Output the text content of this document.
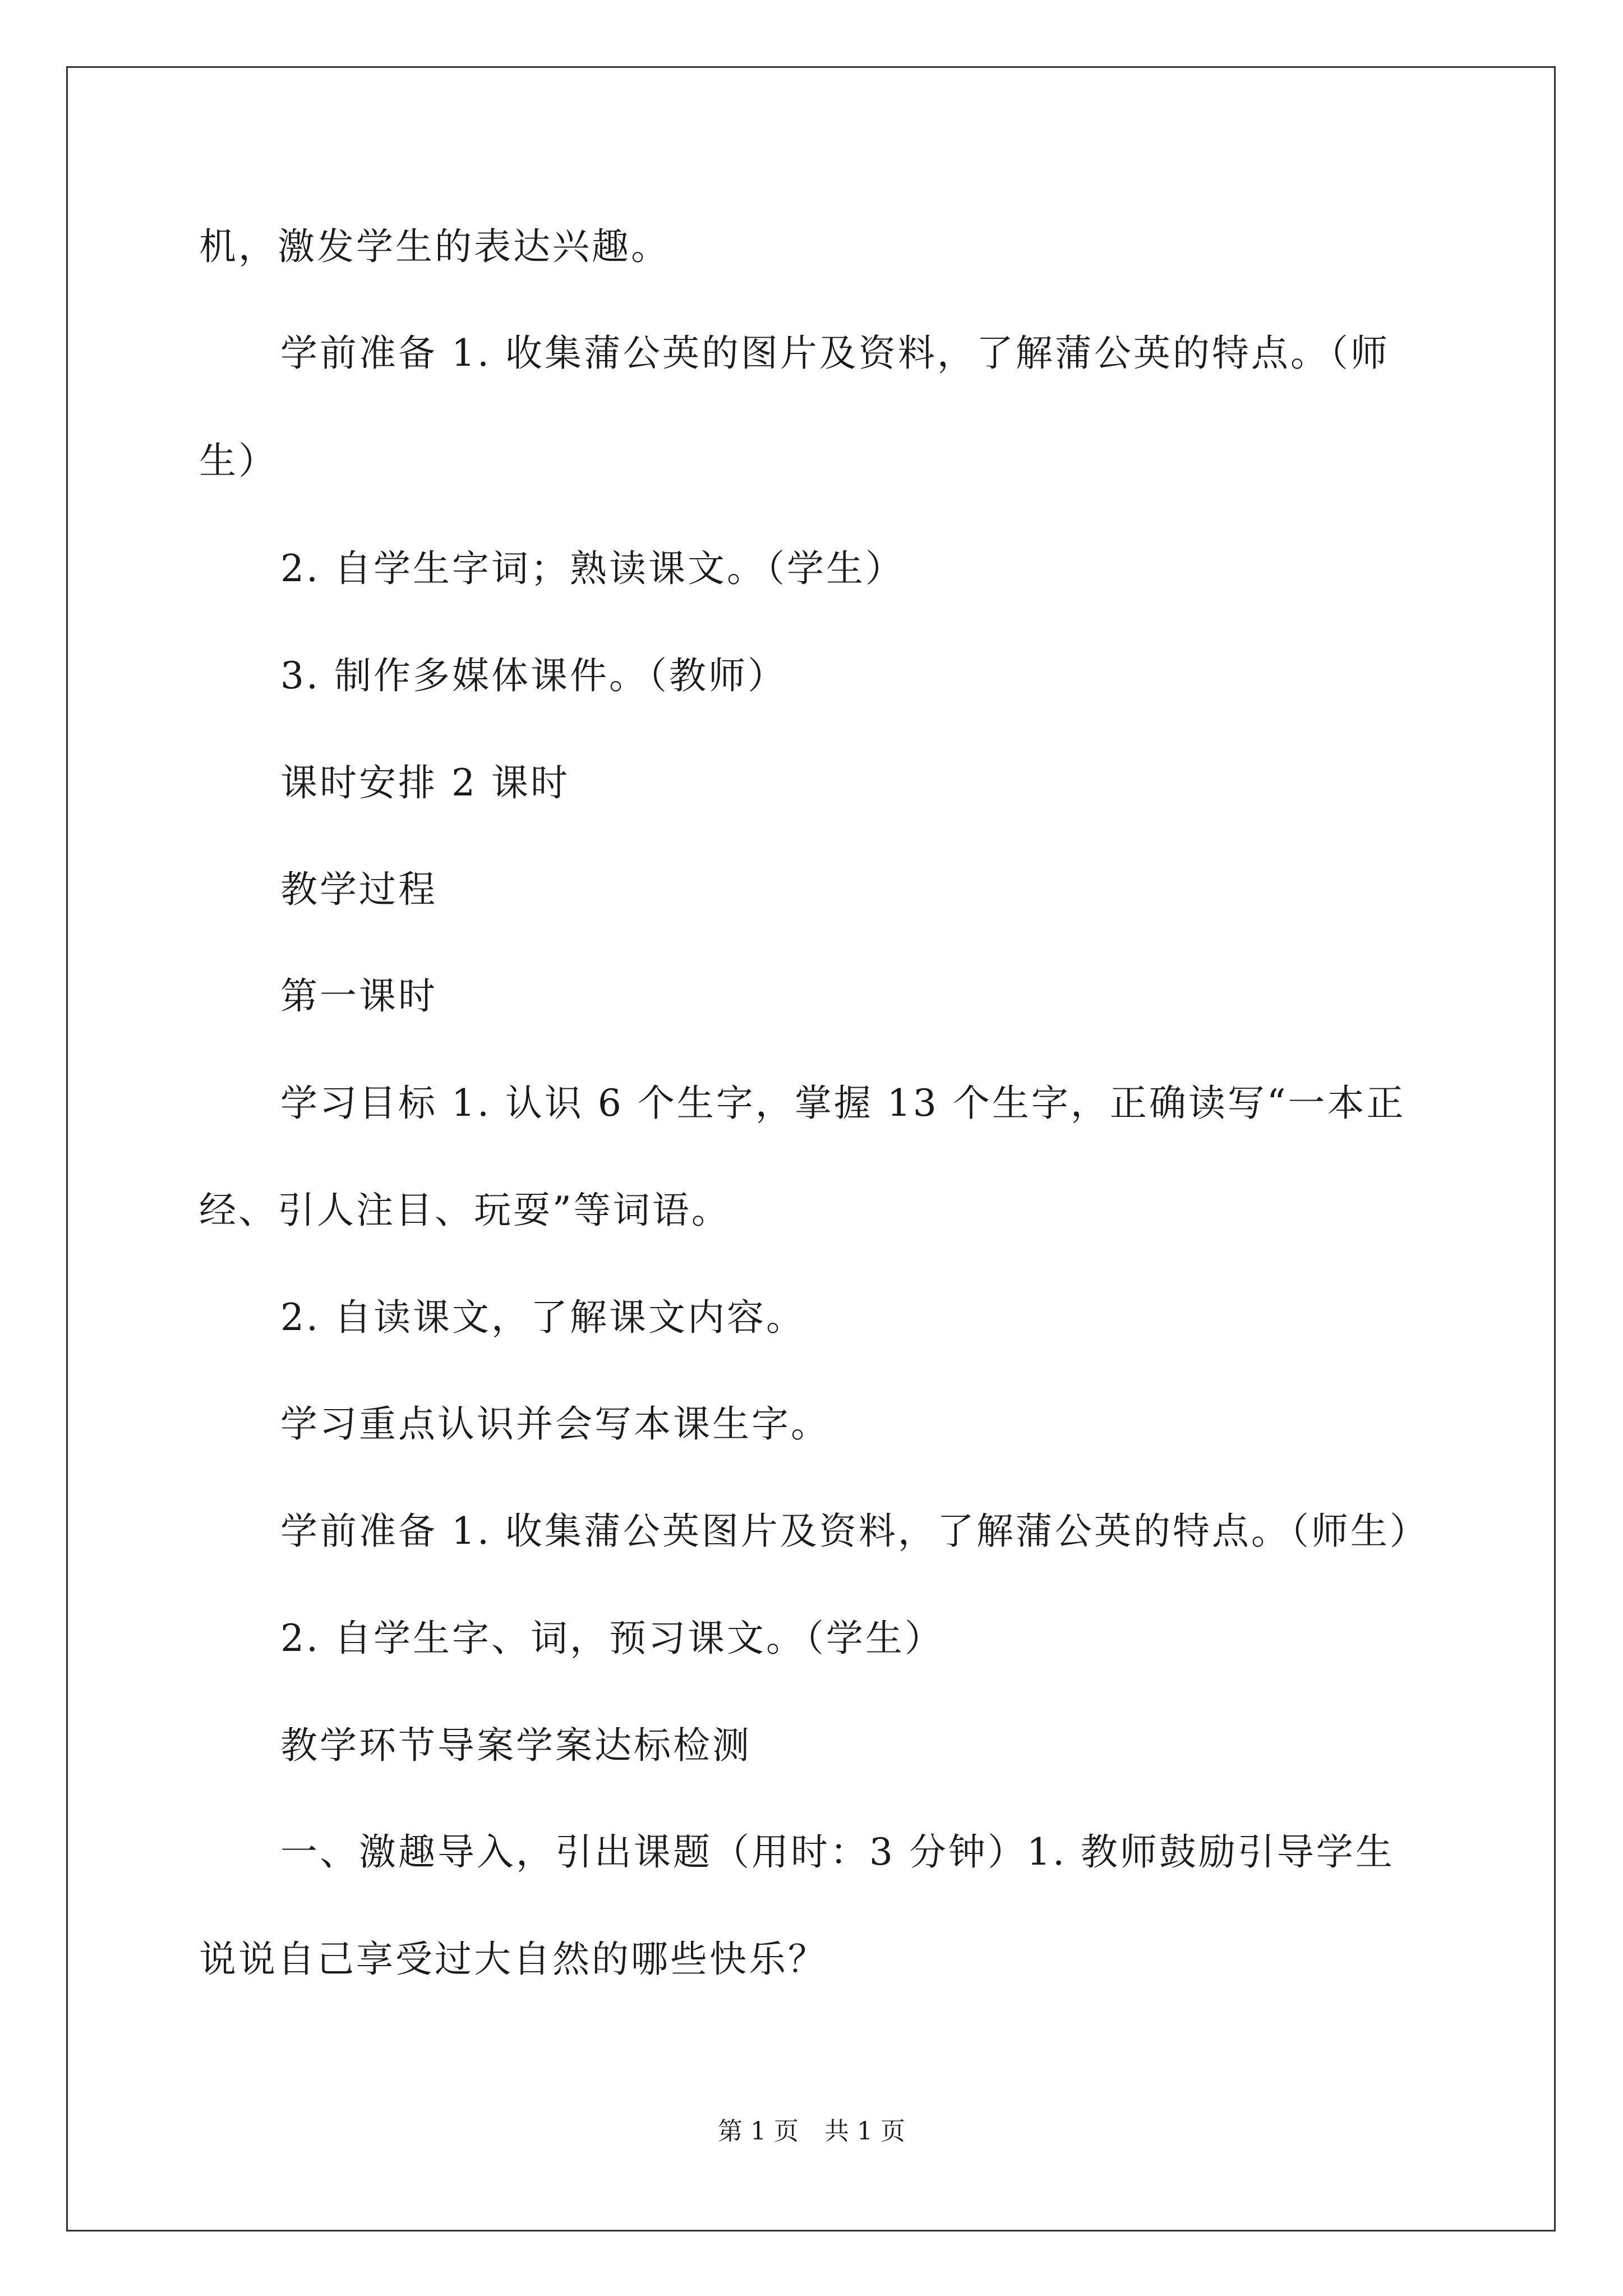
机，激发学生的表达兴趣。
学前准备 1. 收集蒲公英的图片及资料，了解蒲公英的特点。（师
生）
2. 自学生字词；熟读课文。（学生）
3. 制作多媒体课件。（教师）
课时安排 2 课时
教学过程
第一课时
学习目标 1. 认识 6 个生字，掌握 13 个生字，正确读写“一本正
经、引人注目、玩耍”等词语。
2. 自读课文，了解课文内容。
学习重点认识并会写本课生字。
学前准备 1. 收集蒲公英图片及资料，了解蒲公英的特点。（师生）
2. 自学生字、词，预习课文。（学生）
教学环节导案学案达标检测
一、激趣导入，引出课题（用时：3 分钟）1. 教师鼓励引导学生
说说自己享受过大自然的哪些快乐？
第 1 页 共 1 页
